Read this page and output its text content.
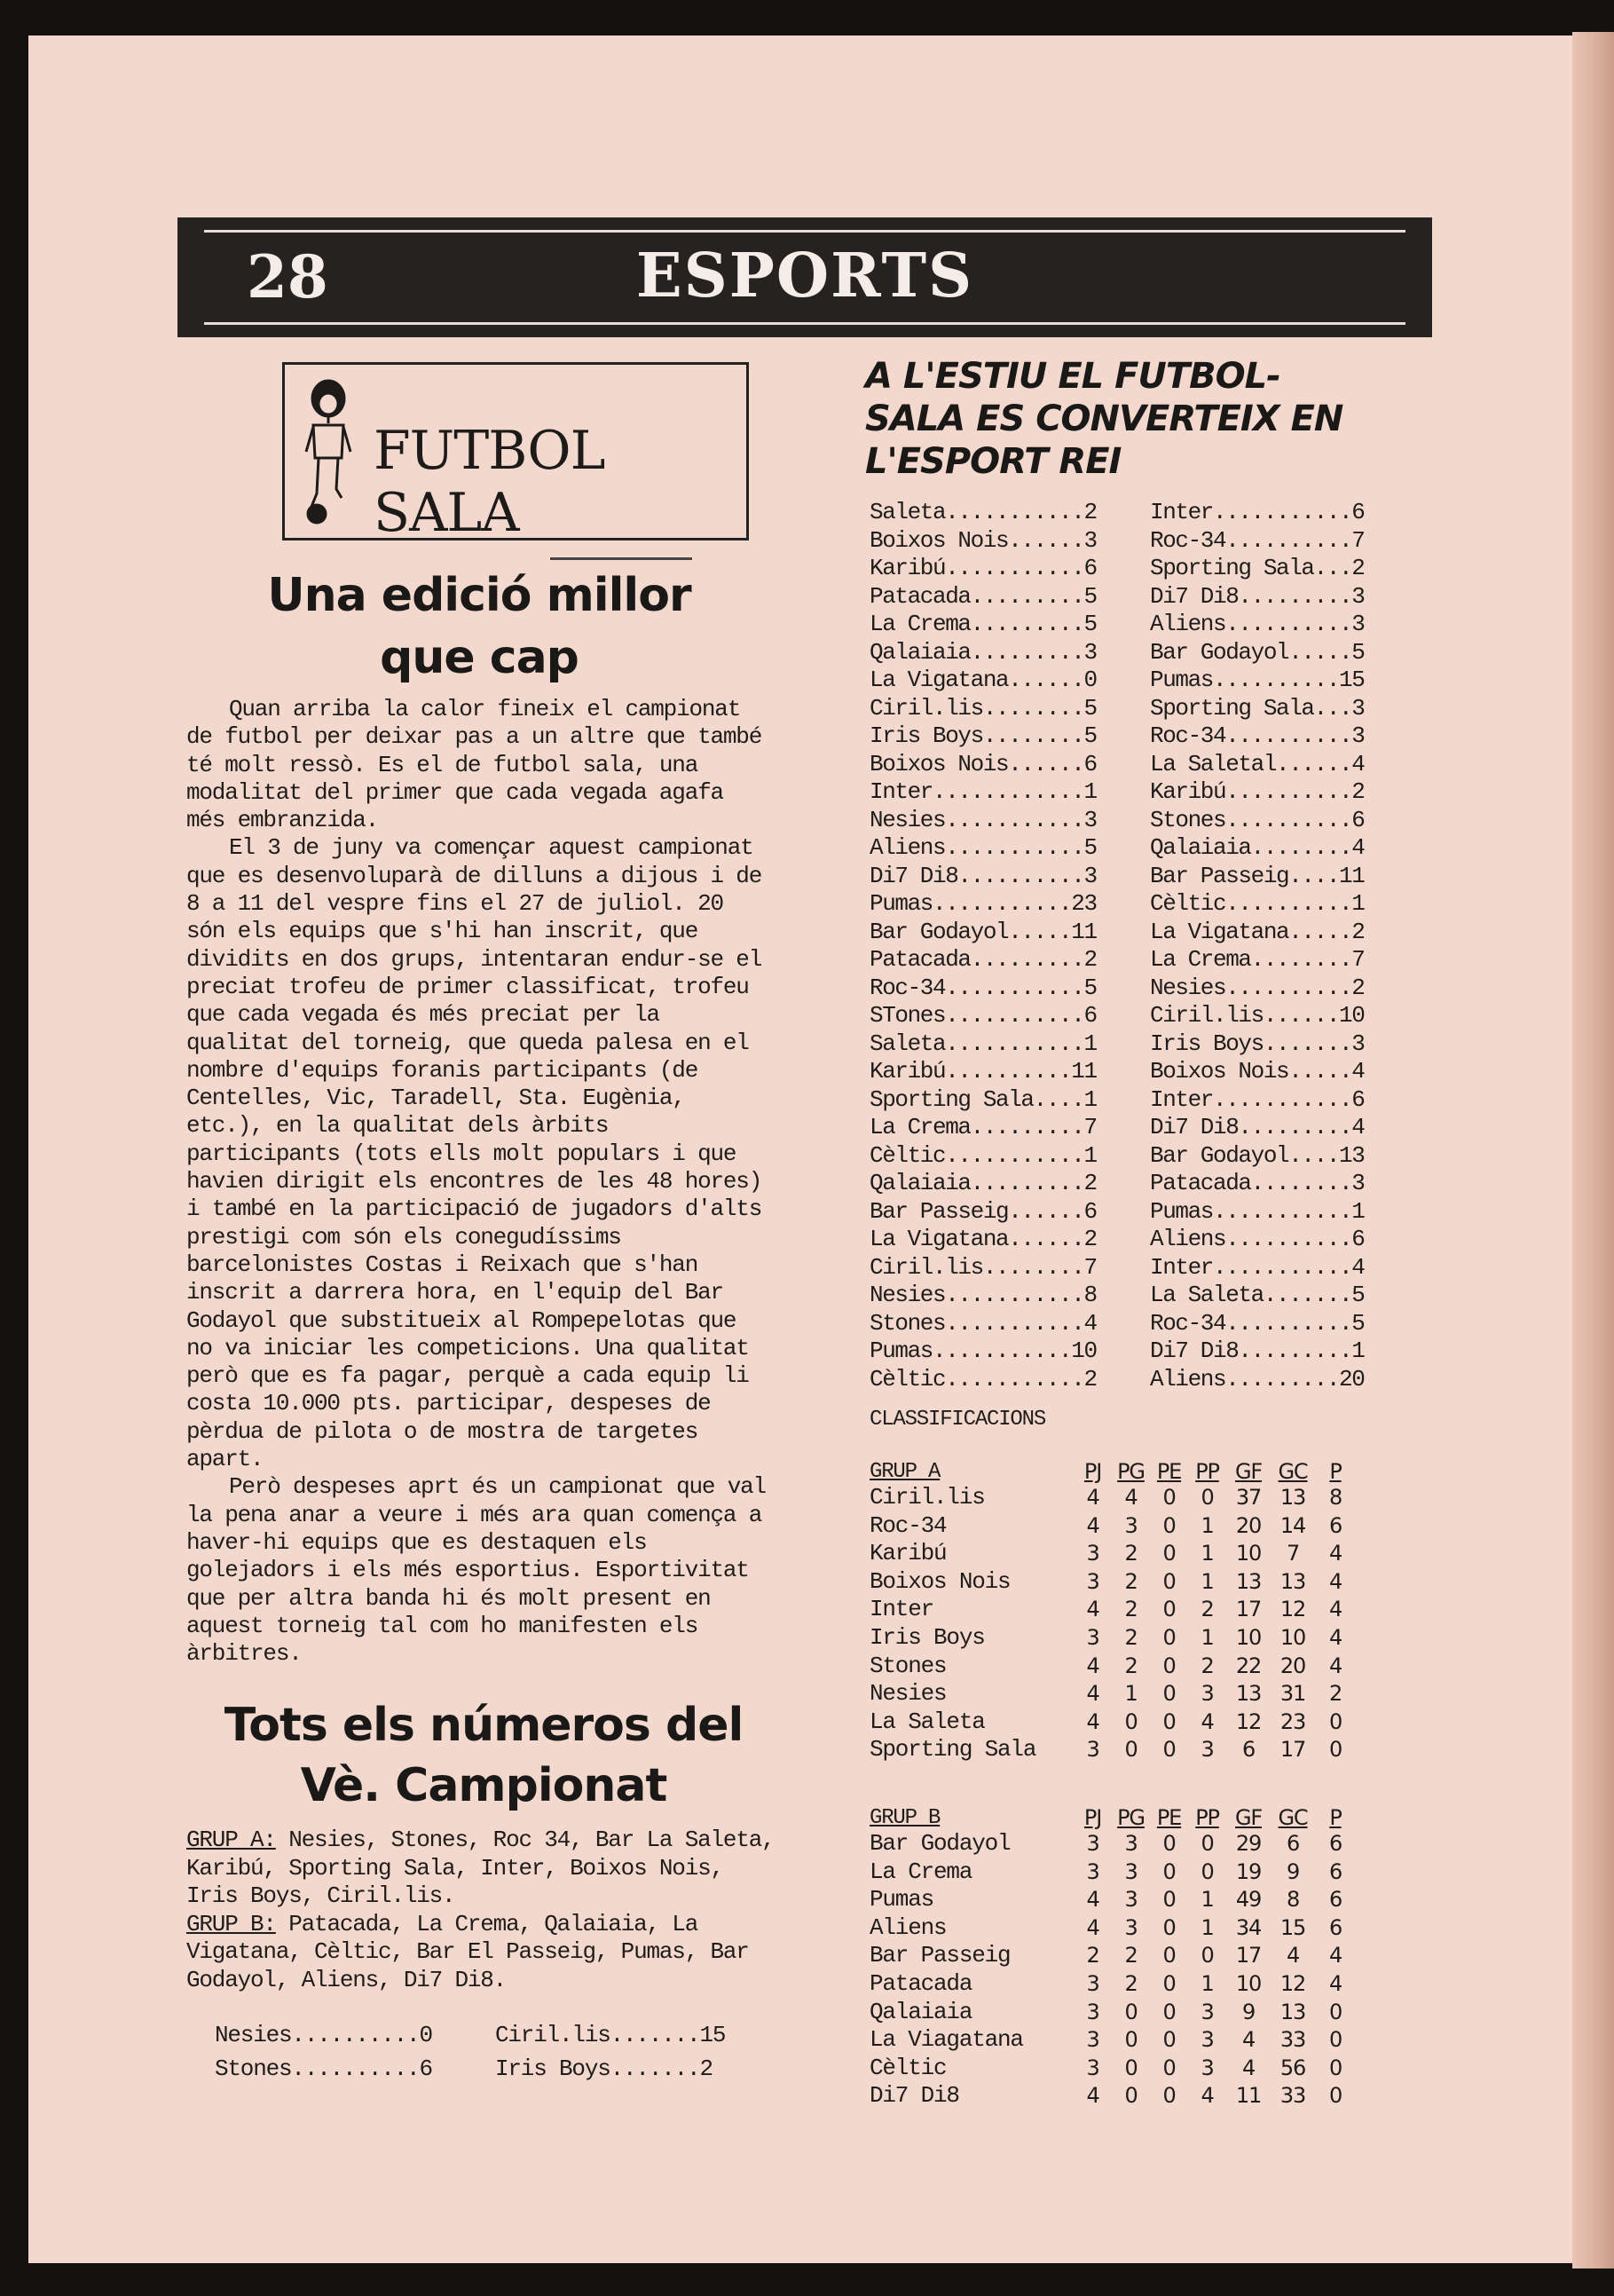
28	ESPORTS
FUTBOL SALA
Una edició millor
que cap

Quan arriba la calor fineix el campionat de futbol per deixar pas a un altre que també té molt ressò. Es el de futbol sala, una modalitat del primer que cada vegada agafa més embranzida.

El 3 de juny va començar aquest campionat que es desenvoluparà de dilluns a dijous i de 8 a 11 del vespre fins el 27 de juliol. 20 són els equips que s'hi han inscrit, que dividits en dos grups, intentaran endur-se el preciat trofeu de primer classificat, trofeu que cada vegada és més preciat per la qualitat del torneig, que queda palesa en el nombre d'equips foranis participants (de Centelles, Vic, Taradell, Sta. Eugènia, etc.), en la qualitat dels àrbits participants (tots ells molt populars i que havien dirigit els encontres de les 48 hores) i també en la participació de jugadors d'alts prestigi com són els conegudíssims barcelonistes Costas i Reixach que s'han inscrit a darrera hora, en l'equip del Bar Godayol que substitueix al Rompepelotas que no va iniciar les competicions. Una qualitat però que es fa pagar, perquè a cada equip li costa 10.000 pts. participar, despeses de pèrdua de pilota o de mostra de targetes apart.

Però despeses aprt és un campionat que val la pena anar a veure i més ara quan comença a haver-hi equips que es destaquen els golejadors i els més esportius. Esportivitat que per altra banda hi és molt present en aquest torneig tal com ho manifesten els àrbitres.

Tots els números del
Vè. Campionat
GRUP A: Nesies, Stones, Roc 34, Bar La Saleta, Karibú, Sporting Sala, Inter, Boixos Nois, Iris Boys, Ciril.lis.
GRUP B: Patacada, La Crema, Qalaiaia, La Vigatana, Cèltic, Bar El Passeig, Pumas, Bar Godayol, Aliens, Di7 Di8.
Nesies..........0	Ciril.lis.......15
Stones..........6	Iris Boys.......2
A L'ESTIU EL FUTBOL-
SALA ES CONVERTEIX EN
L'ESPORT REI
Saleta...........2	Inter...........6
Boixos Nois......3	Roc-34..........7
Karibú...........6	Sporting Sala...2
Patacada.........5	Di7 Di8.........3
La Crema.........5	Aliens..........3
Qalaiaia.........3	Bar Godayol.....5
La Vigatana......0	Pumas..........15
Ciril.lis........5	Sporting Sala...3
Iris Boys........5	Roc-34..........3
Boixos Nois......6	La Saletal......4
Inter............1	Karibú..........2
Nesies...........3	Stones..........6
Aliens...........5	Qalaiaia........4
Di7 Di8..........3	Bar Passeig....11
Pumas...........23	Cèltic..........1
Bar Godayol.....11	La Vigatana.....2
Patacada.........2	La Crema........7
Roc-34...........5	Nesies..........2
STones...........6	Ciril.lis......10
Saleta...........1	Iris Boys.......3
Karibú..........11	Boixos Nois.....4
Sporting Sala....1	Inter...........6
La Crema.........7	Di7 Di8.........4
Cèltic...........1	Bar Godayol....13
Qalaiaia.........2	Patacada........3
Bar Passeig......6	Pumas...........1
La Vigatana......2	Aliens..........6
Ciril.lis........7	Inter...........4
Nesies...........8	La Saleta.......5
Stones...........4	Roc-34..........5
Pumas...........10	Di7 Di8.........1
Cèltic...........2	Aliens.........20
CLASSIFICACIONS
GRUP A	PJ PG PE PP GF GC	P
Ciril.lis	4	4	0	0	37 13	8
Roc-34	4	3	0	1	20 14	6
Karibú	3	2	0	1	10	7	4
Boixos Nois	3	2	0	1	13 13	4
Inter	4	2	0	2	17 12	4
Iris Boys	3	2	0	1	10 10	4
Stones	4	2	0	2	22 20	4
Nesies	4	1	0	3	13 31	2
La Saleta	4	0	0	4	12 23	0
Sporting Sala	3	0	0	3	6	17	0
GRUP B	PJ PG PE PP GF GC	P
Bar Godayol	3	3	0	0	29	6	6
La Crema	3	3	0	0	19	9	6
Pumas	4	3	0	1	49	8	6
Aliens	4	3	0	1	34 15	6
Bar Passeig	2	2	0	0	17	4	4
Patacada	3	2	0	1	10 12	4
Qalaiaia	3	0	0	3	9	13	0
La Viagatana	3	0	0	3	4	33	0
Cèltic	3	0	0	3	4	56	0
Di7 Di8	4	0	0	4	11 33	0
